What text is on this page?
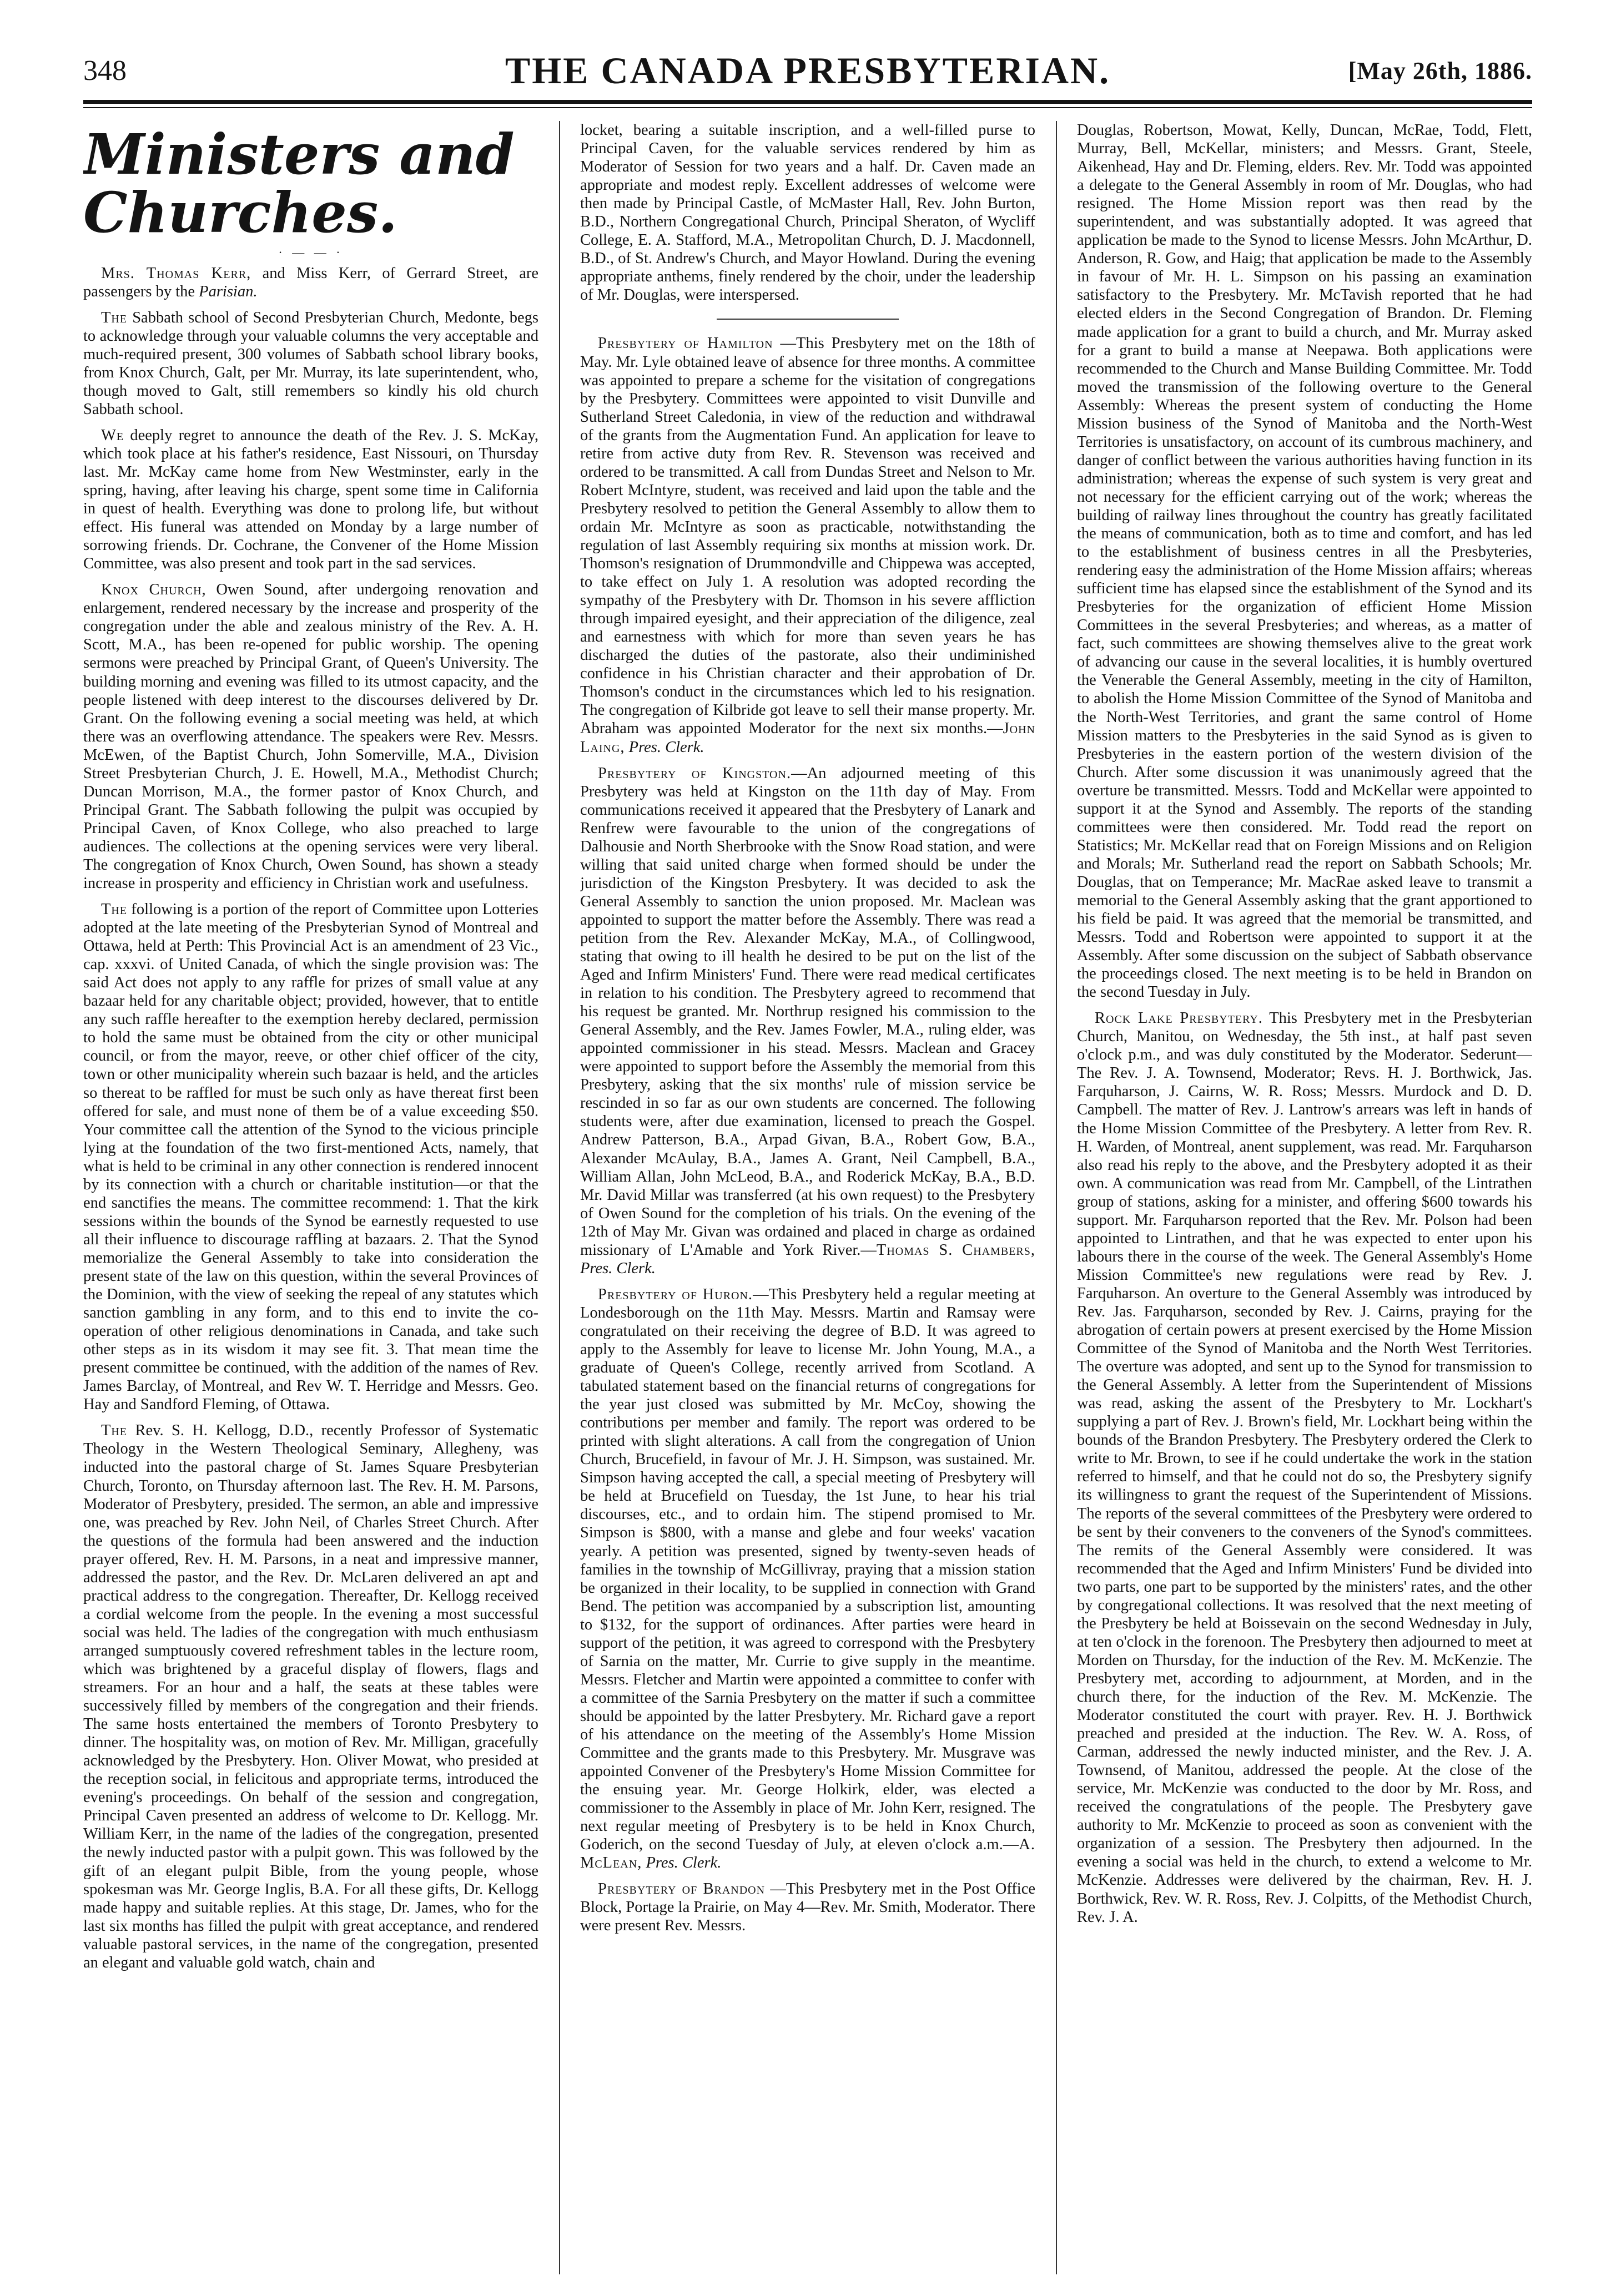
348	THE CANADA PRESBYTERIAN.	[May 26th, 1886.
Ministers and Churches.
· — — ·

Mrs. Thomas Kerr, and Miss Kerr, of Gerrard Street, are passengers by the Parisian.

The Sabbath school of Second Presbyterian Church, Medonte, begs to acknowledge through your valuable columns the very acceptable and much-required present, 300 volumes of Sabbath school library books, from Knox Church, Galt, per Mr. Murray, its late superintendent, who, though moved to Galt, still remembers so kindly his old church Sabbath school.

We deeply regret to announce the death of the Rev. J. S. McKay, which took place at his father's residence, East Nissouri, on Thursday last. Mr. McKay came home from New Westminster, early in the spring, having, after leaving his charge, spent some time in California in quest of health. Everything was done to prolong life, but without effect. His funeral was attended on Monday by a large number of sorrowing friends. Dr. Cochrane, the Convener of the Home Mission Committee, was also present and took part in the sad services.

Knox Church, Owen Sound, after undergoing renovation and enlargement, rendered necessary by the increase and prosperity of the congregation under the able and zealous ministry of the Rev. A. H. Scott, M.A., has been re-opened for public worship. The opening sermons were preached by Principal Grant, of Queen's University. The building morning and evening was filled to its utmost capacity, and the people listened with deep interest to the discourses delivered by Dr. Grant. On the following evening a social meeting was held, at which there was an overflowing attendance. The speakers were Rev. Messrs. McEwen, of the Baptist Church, John Somerville, M.A., Division Street Presbyterian Church, J. E. Howell, M.A., Methodist Church; Duncan Morrison, M.A., the former pastor of Knox Church, and Principal Grant. The Sabbath following the pulpit was occupied by Principal Caven, of Knox College, who also preached to large audiences. The collections at the opening services were very liberal. The congregation of Knox Church, Owen Sound, has shown a steady increase in prosperity and efficiency in Christian work and usefulness.

The following is a portion of the report of Committee upon Lotteries adopted at the late meeting of the Presbyterian Synod of Montreal and Ottawa, held at Perth: This Provincial Act is an amendment of 23 Vic., cap. xxxvi. of United Canada, of which the single provision was: The said Act does not apply to any raffle for prizes of small value at any bazaar held for any charitable object; provided, however, that to entitle any such raffle hereafter to the exemption hereby declared, permission to hold the same must be obtained from the city or other municipal council, or from the mayor, reeve, or other chief officer of the city, town or other municipality wherein such bazaar is held, and the articles so thereat to be raffled for must be such only as have thereat first been offered for sale, and must none of them be of a value exceeding $50. Your committee call the attention of the Synod to the vicious principle lying at the foundation of the two first-mentioned Acts, namely, that what is held to be criminal in any other connection is rendered innocent by its connection with a church or charitable institution—or that the end sanctifies the means. The committee recommend: 1. That the kirk sessions within the bounds of the Synod be earnestly requested to use all their influence to discourage raffling at bazaars. 2. That the Synod memorialize the General Assembly to take into consideration the present state of the law on this question, within the several Provinces of the Dominion, with the view of seeking the repeal of any statutes which sanction gambling in any form, and to this end to invite the co-operation of other religious denominations in Canada, and take such other steps as in its wisdom it may see fit. 3. That mean time the present committee be continued, with the addition of the names of Rev. James Barclay, of Montreal, and Rev W. T. Herridge and Messrs. Geo. Hay and Sandford Fleming, of Ottawa.

The Rev. S. H. Kellogg, D.D., recently Professor of Systematic Theology in the Western Theological Seminary, Allegheny, was inducted into the pastoral charge of St. James Square Presbyterian Church, Toronto, on Thursday afternoon last. The Rev. H. M. Parsons, Moderator of Presbytery, presided. The sermon, an able and impressive one, was preached by Rev. John Neil, of Charles Street Church. After the questions of the formula had been answered and the induction prayer offered, Rev. H. M. Parsons, in a neat and impressive manner, addressed the pastor, and the Rev. Dr. McLaren delivered an apt and practical address to the congregation. Thereafter, Dr. Kellogg received a cordial welcome from the people. In the evening a most successful social was held. The ladies of the congregation with much enthusiasm arranged sumptuously covered refreshment tables in the lecture room, which was brightened by a graceful display of flowers, flags and streamers. For an hour and a half, the seats at these tables were successively filled by members of the congregation and their friends. The same hosts entertained the members of Toronto Presbytery to dinner. The hospitality was, on motion of Rev. Mr. Milligan, gracefully acknowledged by the Presbytery. Hon. Oliver Mowat, who presided at the reception social, in felicitous and appropriate terms, introduced the evening's proceedings. On behalf of the session and congregation, Principal Caven presented an address of welcome to Dr. Kellogg. Mr. William Kerr, in the name of the ladies of the congregation, presented the newly inducted pastor with a pulpit gown. This was followed by the gift of an elegant pulpit Bible, from the young people, whose spokesman was Mr. George Inglis, B.A. For all these gifts, Dr. Kellogg made happy and suitable replies. At this stage, Dr. James, who for the last six months has filled the pulpit with great acceptance, and rendered valuable pastoral services, in the name of the congregation, presented an elegant and valuable gold watch, chain and

locket, bearing a suitable inscription, and a well-filled purse to Principal Caven, for the valuable services rendered by him as Moderator of Session for two years and a half. Dr. Caven made an appropriate and modest reply. Excellent addresses of welcome were then made by Principal Castle, of McMaster Hall, Rev. John Burton, B.D., Northern Congregational Church, Principal Sheraton, of Wycliff College, E. A. Stafford, M.A., Metropolitan Church, D. J. Macdonnell, B.D., of St. Andrew's Church, and Mayor Howland. During the evening appropriate anthems, finely rendered by the choir, under the leadership of Mr. Douglas, were interspersed.

Presbytery of Hamilton —This Presbytery met on the 18th of May. Mr. Lyle obtained leave of absence for three months. A committee was appointed to prepare a scheme for the visitation of congregations by the Presbytery. Committees were appointed to visit Dunville and Sutherland Street Caledonia, in view of the reduction and withdrawal of the grants from the Augmentation Fund. An application for leave to retire from active duty from Rev. R. Stevenson was received and ordered to be transmitted. A call from Dundas Street and Nelson to Mr. Robert McIntyre, student, was received and laid upon the table and the Presbytery resolved to petition the General Assembly to allow them to ordain Mr. McIntyre as soon as practicable, notwithstanding the regulation of last Assembly requiring six months at mission work. Dr. Thomson's resignation of Drummondville and Chippewa was accepted, to take effect on July 1. A resolution was adopted recording the sympathy of the Presbytery with Dr. Thomson in his severe affliction through impaired eyesight, and their appreciation of the diligence, zeal and earnestness with which for more than seven years he has discharged the duties of the pastorate, also their undiminished confidence in his Christian character and their approbation of Dr. Thomson's conduct in the circumstances which led to his resignation. The congregation of Kilbride got leave to sell their manse property. Mr. Abraham was appointed Moderator for the next six months.—John Laing, Pres. Clerk.

Presbytery of Kingston.—An adjourned meeting of this Presbytery was held at Kingston on the 11th day of May. From communications received it appeared that the Presbytery of Lanark and Renfrew were favourable to the union of the congregations of Dalhousie and North Sherbrooke with the Snow Road station, and were willing that said united charge when formed should be under the jurisdiction of the Kingston Presbytery. It was decided to ask the General Assembly to sanction the union proposed. Mr. Maclean was appointed to support the matter before the Assembly. There was read a petition from the Rev. Alexander McKay, M.A., of Collingwood, stating that owing to ill health he desired to be put on the list of the Aged and Infirm Ministers' Fund. There were read medical certificates in relation to his condition. The Presbytery agreed to recommend that his request be granted. Mr. Northrup resigned his commission to the General Assembly, and the Rev. James Fowler, M.A., ruling elder, was appointed commissioner in his stead. Messrs. Maclean and Gracey were appointed to support before the Assembly the memorial from this Presbytery, asking that the six months' rule of mission service be rescinded in so far as our own students are concerned. The following students were, after due examination, licensed to preach the Gospel. Andrew Patterson, B.A., Arpad Givan, B.A., Robert Gow, B.A., Alexander McAulay, B.A., James A. Grant, Neil Campbell, B.A., William Allan, John McLeod, B.A., and Roderick McKay, B.A., B.D. Mr. David Millar was transferred (at his own request) to the Presbytery of Owen Sound for the completion of his trials. On the evening of the 12th of May Mr. Givan was ordained and placed in charge as ordained missionary of L'Amable and York River.—Thomas S. Chambers, Pres. Clerk.

Presbytery of Huron.—This Presbytery held a regular meeting at Londesborough on the 11th May. Messrs. Martin and Ramsay were congratulated on their receiving the degree of B.D. It was agreed to apply to the Assembly for leave to license Mr. John Young, M.A., a graduate of Queen's College, recently arrived from Scotland. A tabulated statement based on the financial returns of congregations for the year just closed was submitted by Mr. McCoy, showing the contributions per member and family. The report was ordered to be printed with slight alterations. A call from the congregation of Union Church, Brucefield, in favour of Mr. J. H. Simpson, was sustained. Mr. Simpson having accepted the call, a special meeting of Presbytery will be held at Brucefield on Tuesday, the 1st June, to hear his trial discourses, etc., and to ordain him. The stipend promised to Mr. Simpson is $800, with a manse and glebe and four weeks' vacation yearly. A petition was presented, signed by twenty-seven heads of families in the township of McGillivray, praying that a mission station be organized in their locality, to be supplied in connection with Grand Bend. The petition was accompanied by a subscription list, amounting to $132, for the support of ordinances. After parties were heard in support of the petition, it was agreed to correspond with the Presbytery of Sarnia on the matter, Mr. Currie to give supply in the meantime. Messrs. Fletcher and Martin were appointed a committee to confer with a committee of the Sarnia Presbytery on the matter if such a committee should be appointed by the latter Presbytery. Mr. Richard gave a report of his attendance on the meeting of the Assembly's Home Mission Committee and the grants made to this Presbytery. Mr. Musgrave was appointed Convener of the Presbytery's Home Mission Committee for the ensuing year. Mr. George Holkirk, elder, was elected a commissioner to the Assembly in place of Mr. John Kerr, resigned. The next regular meeting of Presbytery is to be held in Knox Church, Goderich, on the second Tuesday of July, at eleven o'clock a.m.—A. McLean, Pres. Clerk.

Presbytery of Brandon —This Presbytery met in the Post Office Block, Portage la Prairie, on May 4—Rev. Mr. Smith, Moderator. There were present Rev. Messrs.

Douglas, Robertson, Mowat, Kelly, Duncan, McRae, Todd, Flett, Murray, Bell, McKellar, ministers; and Messrs. Grant, Steele, Aikenhead, Hay and Dr. Fleming, elders. Rev. Mr. Todd was appointed a delegate to the General Assembly in room of Mr. Douglas, who had resigned. The Home Mission report was then read by the superintendent, and was substantially adopted. It was agreed that application be made to the Synod to license Messrs. John McArthur, D. Anderson, R. Gow, and Haig; that application be made to the Assembly in favour of Mr. H. L. Simpson on his passing an examination satisfactory to the Presbytery. Mr. McTavish reported that he had elected elders in the Second Congregation of Brandon. Dr. Fleming made application for a grant to build a church, and Mr. Murray asked for a grant to build a manse at Neepawa. Both applications were recommended to the Church and Manse Building Committee. Mr. Todd moved the transmission of the following overture to the General Assembly: Whereas the present system of conducting the Home Mission business of the Synod of Manitoba and the North-West Territories is unsatisfactory, on account of its cumbrous machinery, and danger of conflict between the various authorities having function in its administration; whereas the expense of such system is very great and not necessary for the efficient carrying out of the work; whereas the building of railway lines throughout the country has greatly facilitated the means of communication, both as to time and comfort, and has led to the establishment of business centres in all the Presbyteries, rendering easy the administration of the Home Mission affairs; whereas sufficient time has elapsed since the establishment of the Synod and its Presbyteries for the organization of efficient Home Mission Committees in the several Presbyteries; and whereas, as a matter of fact, such committees are showing themselves alive to the great work of advancing our cause in the several localities, it is humbly overtured the Venerable the General Assembly, meeting in the city of Hamilton, to abolish the Home Mission Committee of the Synod of Manitoba and the North-West Territories, and grant the same control of Home Mission matters to the Presbyteries in the said Synod as is given to Presbyteries in the eastern portion of the western division of the Church. After some discussion it was unanimously agreed that the overture be transmitted. Messrs. Todd and McKellar were appointed to support it at the Synod and Assembly. The reports of the standing committees were then considered. Mr. Todd read the report on Statistics; Mr. McKellar read that on Foreign Missions and on Religion and Morals; Mr. Sutherland read the report on Sabbath Schools; Mr. Douglas, that on Temperance; Mr. MacRae asked leave to transmit a memorial to the General Assembly asking that the grant apportioned to his field be paid. It was agreed that the memorial be transmitted, and Messrs. Todd and Robertson were appointed to support it at the Assembly. After some discussion on the subject of Sabbath observance the proceedings closed. The next meeting is to be held in Brandon on the second Tuesday in July.

Rock Lake Presbytery. This Presbytery met in the Presbyterian Church, Manitou, on Wednesday, the 5th inst., at half past seven o'clock p.m., and was duly constituted by the Moderator. Sederunt—The Rev. J. A. Townsend, Moderator; Revs. H. J. Borthwick, Jas. Farquharson, J. Cairns, W. R. Ross; Messrs. Murdock and D. D. Campbell. The matter of Rev. J. Lantrow's arrears was left in hands of the Home Mission Committee of the Presbytery. A letter from Rev. R. H. Warden, of Montreal, anent supplement, was read. Mr. Farquharson also read his reply to the above, and the Presbytery adopted it as their own. A communication was read from Mr. Campbell, of the Lintrathen group of stations, asking for a minister, and offering $600 towards his support. Mr. Farquharson reported that the Rev. Mr. Polson had been appointed to Lintrathen, and that he was expected to enter upon his labours there in the course of the week. The General Assembly's Home Mission Committee's new regulations were read by Rev. J. Farquharson. An overture to the General Assembly was introduced by Rev. Jas. Farquharson, seconded by Rev. J. Cairns, praying for the abrogation of certain powers at present exercised by the Home Mission Committee of the Synod of Manitoba and the North West Territories. The overture was adopted, and sent up to the Synod for transmission to the General Assembly. A letter from the Superintendent of Missions was read, asking the assent of the Presbytery to Mr. Lockhart's supplying a part of Rev. J. Brown's field, Mr. Lockhart being within the bounds of the Brandon Presbytery. The Presbytery ordered the Clerk to write to Mr. Brown, to see if he could undertake the work in the station referred to himself, and that he could not do so, the Presbytery signify its willingness to grant the request of the Superintendent of Missions. The reports of the several committees of the Presbytery were ordered to be sent by their conveners to the conveners of the Synod's committees. The remits of the General Assembly were considered. It was recommended that the Aged and Infirm Ministers' Fund be divided into two parts, one part to be supported by the ministers' rates, and the other by congregational collections. It was resolved that the next meeting of the Presbytery be held at Boissevain on the second Wednesday in July, at ten o'clock in the forenoon. The Presbytery then adjourned to meet at Morden on Thursday, for the induction of the Rev. M. McKenzie. The Presbytery met, according to adjournment, at Morden, and in the church there, for the induction of the Rev. M. McKenzie. The Moderator constituted the court with prayer. Rev. H. J. Borthwick preached and presided at the induction. The Rev. W. A. Ross, of Carman, addressed the newly inducted minister, and the Rev. J. A. Townsend, of Manitou, addressed the people. At the close of the service, Mr. McKenzie was conducted to the door by Mr. Ross, and received the congratulations of the people. The Presbytery gave authority to Mr. McKenzie to proceed as soon as convenient with the organization of a session. The Presbytery then adjourned. In the evening a social was held in the church, to extend a welcome to Mr. McKenzie. Addresses were delivered by the chairman, Rev. H. J. Borthwick, Rev. W. R. Ross, Rev. J. Colpitts, of the Methodist Church, Rev. J. A.
